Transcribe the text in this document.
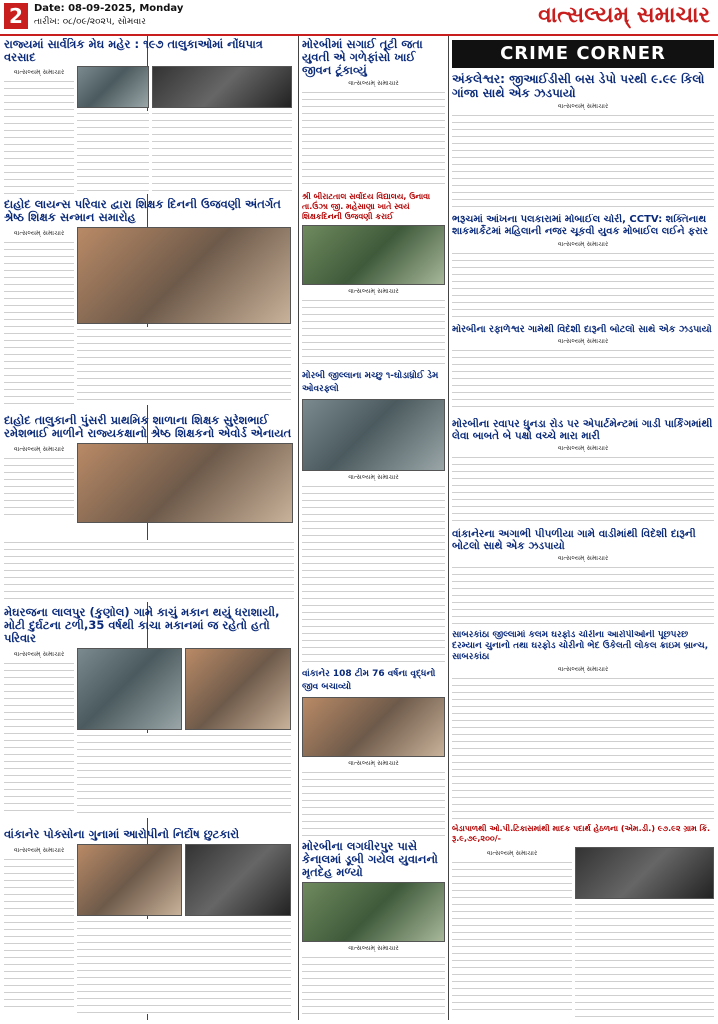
2	Date: 08-09-2025, Monday
તારીખ: ૦૮/૦૯/૨૦૨૫, સોમવાર	વાત્સલ્યમ્ સમાચાર
રાજ્યમાં સાર્વત્રિક મેઘ મહેર : ૧૯૭ તાલુકાઓમાં નોંધપાત્ર વરસાદ
વાત્સલ્યમ્ સમાચાર
દાહોદ લાયન્સ પરિવાર દ્વારા શિક્ષક દિનની ઉજવણી અંતર્ગત શ્રેષ્ઠ શિક્ષક સન્માન સમારોહ
વાત્સલ્યમ્ સમાચાર
દાહોદ તાલુકાની પુંસરી પ્રાથમિક શાળાના શિક્ષક સુરેશભાઈ રમેશભાઈ માળીને રાજ્યકક્ષાનો શ્રેષ્ઠ શિક્ષકનો એવોર્ડ એનાયત
વાત્સલ્યમ્ સમાચાર
મેઘરજના લાલપુર (કુણોલ) ગામે કાચું મકાન થયું ધરાશાયી, મોટી દુર્ઘટના ટળી,35 વર્ષથી કાચા મકાનમાં જ રહેતો હતો પરિવાર
વાત્સલ્યમ્ સમાચાર
વાંકાનેર પોક્સોના ગુનામાં આરોપીનો નિર્દોષ છુટકારો
વાત્સલ્યમ્ સમાચાર
મોરબીમાં સગાઈ તૂટી જતા યુવતી એ ગળેફાંસો ખાઈ જીવન ટૂંકાવ્યું
વાત્સલ્યમ્ સમાચાર
શ્રી બીરાટતાલ સર્વોદય વિદ્યાલય, ઉનાવા તા.ઉંઝા જી. મહેસાણા ખાતે સ્વયં શિક્ષકદિનની ઉજવણી કરાઈ
વાત્સલ્યમ્ સમાચાર
મોરબી જીલ્લાના મચ્છુ ૧-ઘોડાધ્રોઈ ડેમ ઓવરફ્લો
વાત્સલ્યમ્ સમાચાર
વાંકાનેર 108 ટીમ 76 વર્ષના વૃદ્ધનો જીવ બચાવ્યો
વાત્સલ્યમ્ સમાચાર
મોરબીના લગધીરપુર પાસે કેનાલમાં ડૂબી ગયેલ યુવાનનો મૃતદેહ મળ્યો
વાત્સલ્યમ્ સમાચાર
CRIME CORNER
અંકલેશ્વર: જીઆઈડીસી બસ ડેપો પરથી ૯.૯૯ કિલો ગાંજા સાથે એક ઝડપાયો
વાત્સલ્યમ્ સમાચાર
ભરૂચમાં આંખના પલકારામાં મોબાઈલ ચોરી, CCTV: શક્તિનાથ શાકમાર્કેટમાં મહિલાની નજર ચૂકવી યુવક મોબાઈલ લઈને ફરાર
વાત્સલ્યમ્ સમાચાર
મોરબીના રફાળેશ્વર ગામેથી વિદેશી દારૂની બોટલો સાથે એક ઝડપાયો
વાત્સલ્યમ્ સમાચાર
મોરબીના રવાપર ધુનડા રોડ પર એપાર્ટમેન્ટમાં ગાડી પાર્કિંગમાંથી લેવા બાબતે બે પક્ષો વચ્ચે મારા મારી
વાત્સલ્યમ્ સમાચાર
વાંકાનેરના અગાભી પીપળીયા ગામે વાડીમાંથી વિદેશી દારૂની બોટલો સાથે એક ઝડપાયો
વાત્સલ્યમ્ સમાચાર
સાબરકાંઠા જીલ્લામાં કલમ ઘરફોડ ચોરીના આરોપીઓની પૂછપરછ દરમ્યાન ચુનાનો તથા ઘરફોડ ચોરીનો ભેદ ઉકેલતી લોકલ ક્રાઇમ બ્રાન્ચ, સાબરકાંઠા
વાત્સલ્યમ્ સમાચાર
બેડાપાળથી ઓ.પી.ટિકાસમાંથી માદક પદાર્થ હેઠળના (એમ.ડી.) ૯૭.૯૨ ગ્રામ કિં. રૂ.૯,૭૯,૨૦૦/-
વાત્સલ્યમ્ સમાચાર
